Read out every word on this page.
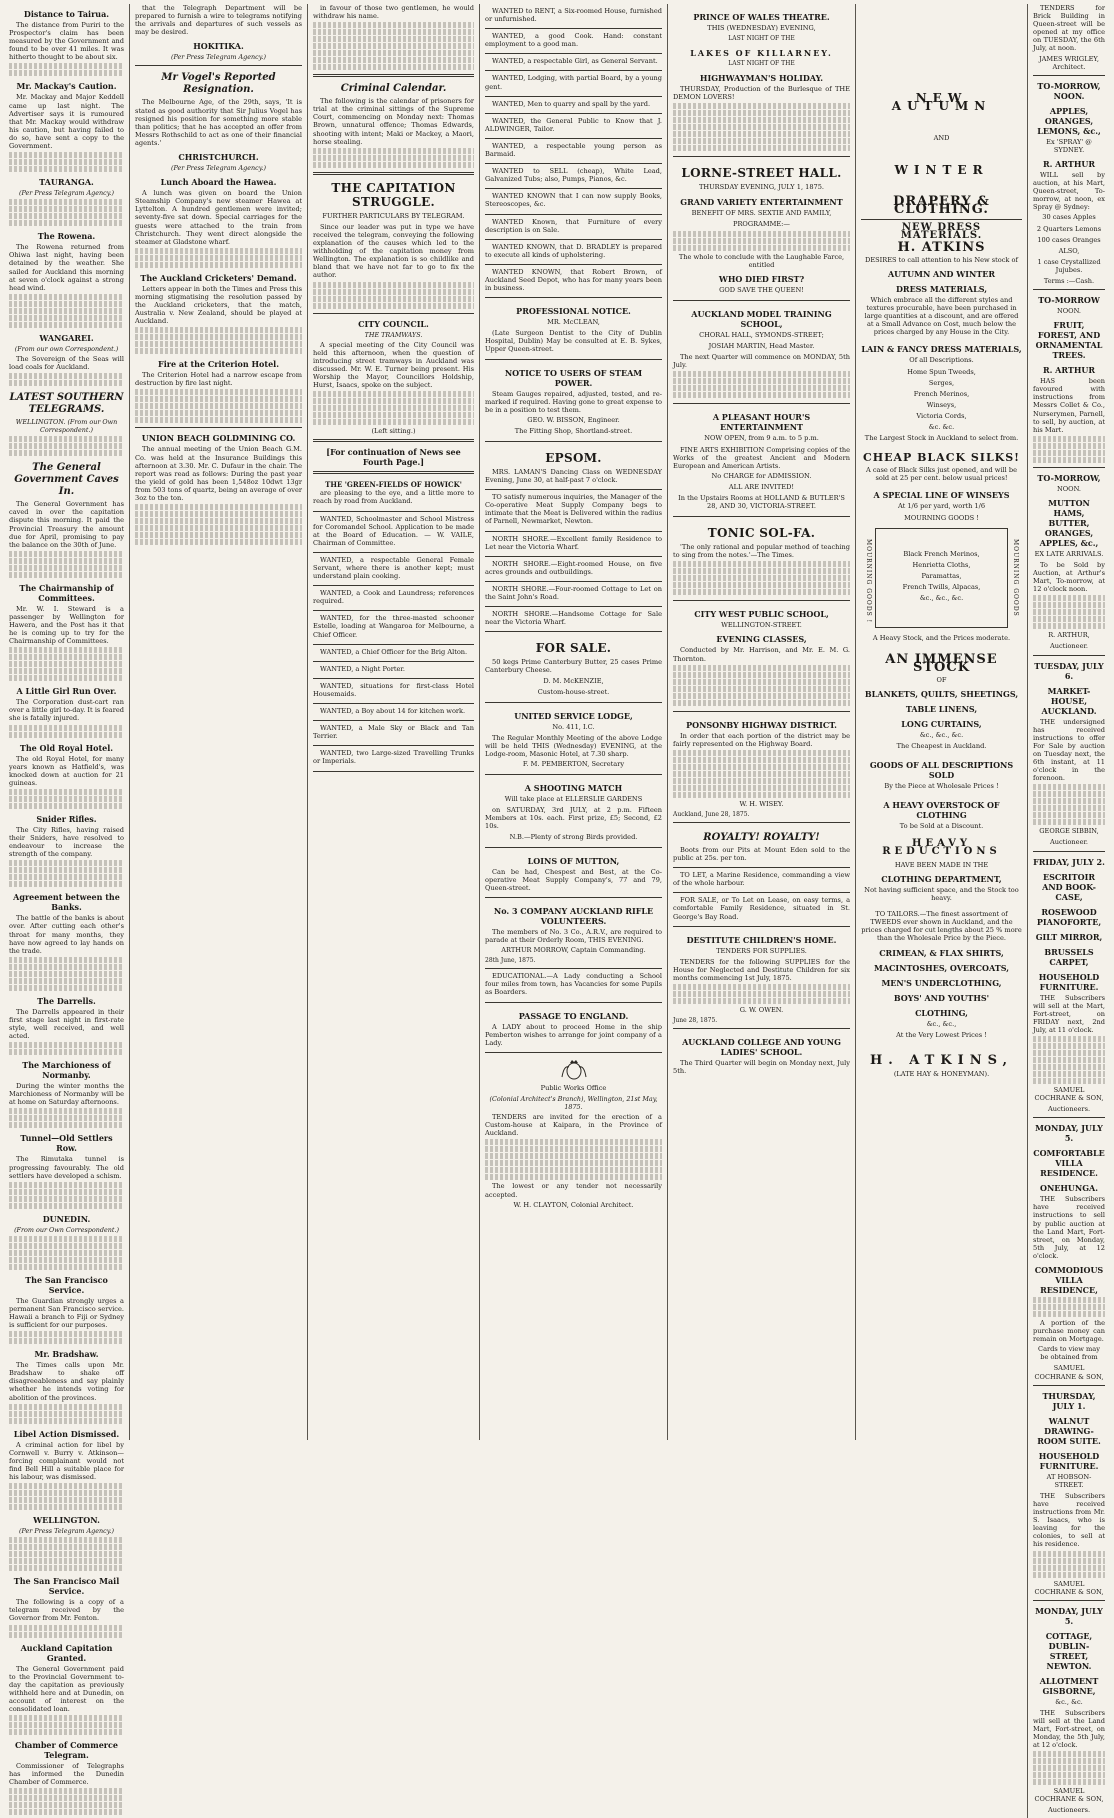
Distance to Tairua.

The distance from Puriri to the Prospector's claim has been measured by the Government and found to be over 41 miles. It was hitherto thought to be about six.

Mr. Mackay's Caution.

Mr. Mackay and Major Keddell came up last night. The Advertiser says it is rumoured that Mr. Mackay would withdraw his caution, but having failed to do so, have sent a copy to the Government.

TAURANGA.
(Per Press Telegram Agency.)
The Rowena.

The Rowena returned from Ohiwa last night, having been detained by the weather. She sailed for Auckland this morning at seven o'clock against a strong head wind.

WANGAREI.
(From our own Correspondent.)

The Sovereign of the Seas will load coals for Auckland.

LATEST SOUTHERN TELEGRAMS.
WELLINGTON. (From our Own Correspondent.)
The General Government Caves In.

The General Government has caved in over the capitation dispute this morning. It paid the Provincial Treasury the amount due for April, promising to pay the balance on the 30th of June.

The Chairmanship of Committees.

Mr. W. I. Steward is a passenger by Wellington for Hawera, and the Post has it that he is coming up to try for the Chairmanship of Committees.

A Little Girl Run Over.

The Corporation dust-cart ran over a little girl to-day. It is feared she is fatally injured.

The Old Royal Hotel.

The old Royal Hotel, for many years known as Hatfield's, was knocked down at auction for 21 guineas.

Snider Rifles.

The City Rifles, having raised their Sniders, have resolved to endeavour to increase the strength of the company.

Agreement between the Banks.

The battle of the banks is about over. After cutting each other's throat for many months, they have now agreed to lay hands on the trade.

The Darrells.

The Darrells appeared in their first stage last night in first-rate style, well received, and well acted.

The Marchioness of Normanby.

During the winter months the Marchioness of Normanby will be at home on Saturday afternoons.

Tunnel—Old Settlers Row.

The Rimutaka tunnel is progressing favourably. The old settlers have developed a schism.

DUNEDIN.
(From our Own Correspondent.)
The San Francisco Service.

The Guardian strongly urges a permanent San Francisco service. Hawaii a branch to Fiji or Sydney is sufficient for our purposes.

Mr. Bradshaw.

The Times calls upon Mr. Bradshaw to shake off disagreeableness and say plainly whether he intends voting for abolition of the provinces.

Libel Action Dismissed.

A criminal action for libel by Cornwell v. Burry v. Atkinson—forcing complainant would not find Bell Hill a suitable place for his labour, was dismissed.

WELLINGTON.
(Per Press Telegram Agency.)
The San Francisco Mail Service.

The following is a copy of a telegram received by the Governor from Mr. Fenton.

Auckland Capitation Granted.

The General Government paid to the Provincial Government to-day the capitation as previously withheld here and at Dunedin, on account of interest on the consolidated loan.

Chamber of Commerce Telegram.

Commissioner of Telegraphs has informed the Dunedin Chamber of Commerce.

that the Telegraph Department will be prepared to furnish a wire to telegrams notifying the arrivals and departures of such vessels as may be desired.

HOKITIKA.
(Per Press Telegram Agency.)
Mr Vogel's Reported Resignation.

The Melbourne Age, of the 29th, says, 'It is stated as good authority that Sir Julius Vogel has resigned his position for something more stable than politics; that he has accepted an offer from Messrs Rothschild to act as one of their financial agents.'

CHRISTCHURCH.
(Per Press Telegram Agency.)
Lunch Aboard the Hawea.

A lunch was given on board the Union Steamship Company's new steamer Hawea at Lyttelton. A hundred gentlemen were invited; seventy-five sat down. Special carriages for the guests were attached to the train from Christchurch. They went direct alongside the steamer at Gladstone wharf.

The Auckland Cricketers' Demand.

Letters appear in both the Times and Press this morning stigmatising the resolution passed by the Auckland cricketers, that the match, Australia v. New Zealand, should be played at Auckland.

Fire at the Criterion Hotel.

The Criterion Hotel had a narrow escape from destruction by fire last night.

UNION BEACH GOLDMINING CO.

The annual meeting of the Union Beach G.M. Co. was held at the Insurance Buildings this afternoon at 3.30. Mr. C. Dufaur in the chair. The report was read as follows: During the past year the yield of gold has been 1,548oz 10dwt 13gr from 503 tons of quartz, being an average of over 3oz to the ton.

in favour of those two gentlemen, he would withdraw his name.

Criminal Calendar.

The following is the calendar of prisoners for trial at the criminal sittings of the Supreme Court, commencing on Monday next: Thomas Brown, unnatural offence; Thomas Edwards, shooting with intent; Maki or Mackey, a Maori, horse stealing.

THE CAPITATION STRUGGLE.
FURTHER PARTICULARS BY TELEGRAM.

Since our leader was put in type we have received the telegram, conveying the following explanation of the causes which led to the withholding of the capitation money from Wellington. The explanation is so childlike and bland that we have not far to go to fix the author.

CITY COUNCIL.
THE TRAMWAYS.

A special meeting of the City Council was held this afternoon, when the question of introducing street tramways in Auckland was discussed. Mr. W. E. Turner being present. His Worship the Mayor, Councillors Holdship, Hurst, Isaacs, spoke on the subject.

(Left sitting.)
[For continuation of News see Fourth Page.]
THE 'GREEN-FIELDS OF HOWICK'

are pleasing to the eye, and a little more to reach by road from Auckland.

WANTED, Schoolmaster and School Mistress for Coromandel School. Application to be made at the Board of Education. — W. VAILE, Chairman of Committee.

WANTED, a respectable General Female Servant, where there is another kept; must understand plain cooking.

WANTED, a Cook and Laundress; references required.

WANTED, for the three-masted schooner Estelle, loading at Wangaroa for Melbourne, a Chief Officer.

WANTED, a Chief Officer for the Brig Alton.

WANTED, a Night Porter.

WANTED, situations for first-class Hotel Housemaids.

WANTED, a Boy about 14 for kitchen work.

WANTED, a Male Sky or Black and Tan Terrier.

WANTED, two Large-sized Travelling Trunks or Imperials.

WANTED to RENT, a Six-roomed House, furnished or unfurnished.

WANTED, a good Cook. Hand: constant employment to a good man.

WANTED, a respectable Girl, as General Servant.

WANTED, Lodging, with partial Board, by a young gent.

WANTED, Men to quarry and spall by the yard.

WANTED, the General Public to Know that J. ALDWINGER, Tailor.

WANTED, a respectable young person as Barmaid.

WANTED to SELL (cheap), White Lead, Galvanized Tubs; also, Pumps, Pianos, &c.

WANTED KNOWN that I can now supply Books, Stereoscopes, &c.

WANTED Known, that Furniture of every description is on Sale.

WANTED KNOWN, that D. BRADLEY is prepared to execute all kinds of upholstering.

WANTED KNOWN, that Robert Brown, of Auckland Seed Depot, who has for many years been in business.

PROFESSIONAL NOTICE.
MR. McCLEAN,

(Late Surgeon Dentist to the City of Dublin Hospital, Dublin) May be consulted at E. B. Sykes, Upper Queen-street.

NOTICE TO USERS OF STEAM POWER.

Steam Gauges repaired, adjusted, tested, and re-marked if required. Having gone to great expense to be in a position to test them.

GEO. W. BISSON, Engineer.
The Fitting Shop, Shortland-street.
EPSOM.

MRS. LAMAN'S Dancing Class on WEDNESDAY Evening, June 30, at half-past 7 o'clock.

TO satisfy numerous inquiries, the Manager of the Co-operative Meat Supply Company begs to intimate that the Meat is Delivered within the radius of Parnell, Newmarket, Newton.

NORTH SHORE.—Excellent family Residence to Let near the Victoria Wharf.

NORTH SHORE.—Eight-roomed House, on five acres grounds and outbuildings.

NORTH SHORE.—Four-roomed Cottage to Let on the Saint John's Road.

NORTH SHORE.—Handsome Cottage for Sale near the Victoria Wharf.

FOR SALE.

50 kegs Prime Canterbury Butter, 25 cases Prime Canterbury Cheese.

D. M. McKENZIE,
Custom-house-street.
UNITED SERVICE LODGE,
No. 411, I.C.

The Regular Monthly Meeting of the above Lodge will be held THIS (Wednesday) EVENING, at the Lodge-room, Masonic Hotel, at 7.30 sharp.

F. M. PEMBERTON, Secretary
A SHOOTING MATCH
Will take place at ELLERSLIE GARDENS

on SATURDAY, 3rd JULY, at 2 p.m. Fifteen Members at 10s. each. First prize, £5; Second, £2 10s.

N.B.—Plenty of strong Birds provided.
LOINS OF MUTTON,

Can be had, Chespest and Best, at the Co-operative Meat Supply Company's, 77 and 79, Queen-street.

No. 3 COMPANY AUCKLAND RIFLE VOLUNTEERS.

The members of No. 3 Co., A.R.V., are required to parade at their Orderly Room, THIS EVENING.

ARTHUR MORROW, Captain Commanding.
28th June, 1875.

EDUCATIONAL.—A Lady conducting a School four miles from town, has Vacancies for some Pupils as Boarders.

PASSAGE TO ENGLAND.

A LADY about to proceed Home in the ship Pemberton wishes to arrange for joint company of a Lady.

Public Works Office
(Colonial Architect's Branch), Wellington, 21st May, 1875.

TENDERS are invited for the erection of a Custom-house at Kaipara, in the Province of Auckland.

The lowest or any tender not necessarily accepted.

W. H. CLAYTON, Colonial Architect.
PRINCE OF WALES THEATRE.
THIS (WEDNESDAY) EVENING,
LAST NIGHT OF THE
LAKES OF KILLARNEY.
LAST NIGHT OF THE
HIGHWAYMAN'S HOLIDAY.

THURSDAY, Production of the Burlesque of THE DEMON LOVERS!

LORNE-STREET HALL.
THURSDAY EVENING, JULY 1, 1875.
GRAND VARIETY ENTERTAINMENT
BENEFIT OF MRS. SEXTIE AND FAMILY,
PROGRAMME:—
The whole to conclude with the Laughable Farce, entitled
WHO DIED FIRST?
GOD SAVE THE QUEEN!
AUCKLAND MODEL TRAINING SCHOOL,
CHORAL HALL, SYMONDS-STREET;
JOSIAH MARTIN, Head Master.

The next Quarter will commence on MONDAY, 5th July.

A PLEASANT HOUR'S ENTERTAINMENT
NOW OPEN, from 9 a.m. to 5 p.m.

FINE ARTS EXHIBITION Comprising copies of the Works of the greatest Ancient and Modern European and American Artists.

No CHARGE for ADMISSION.
ALL ARE INVITED!
In the Upstairs Rooms at HOLLAND & BUTLER'S 28, AND 30, VICTORIA-STREET.
TONIC SOL-FA.

'The only rational and popular method of teaching to sing from the notes.'—The Times.

CITY WEST PUBLIC SCHOOL,
WELLINGTON-STREET.
EVENING CLASSES,

Conducted by Mr. Harrison, and Mr. E. M. G. Thornton.

PONSONBY HIGHWAY DISTRICT.

In order that each portion of the district may be fairly represented on the Highway Board.

W. H. WISEY.
Auckland, June 28, 1875.
ROYALTY! ROYALTY!

Boots from our Pits at Mount Eden sold to the public at 25s. per ton.

TO LET, a Marine Residence, commanding a view of the whole harbour.

FOR SALE, or To Let on Lease, on easy terms, a comfortable Family Residence, situated in St. George's Bay Road.

DESTITUTE CHILDREN'S HOME.
TENDERS FOR SUPPLIES.

TENDERS for the following SUPPLIES for the House for Neglected and Destitute Children for six months commencing 1st July, 1875.

G. W. OWEN.
June 28, 1875.
AUCKLAND COLLEGE AND YOUNG LADIES' SCHOOL.

The Third Quarter will begin on Monday next, July 5th.

NEW AUTUMN
AND
WINTER
DRAPERY & CLOTHING.
NEW DRESS MATERIALS.
H. ATKINS
DESIRES to call attention to his New stock of
AUTUMN AND WINTER
DRESS MATERIALS,

Which embrace all the different styles and textures procurable, have been purchased in large quantities at a discount, and are offered at a Small Advance on Cost, much below the prices charged by any House in the City.

LAIN & FANCY DRESS MATERIALS,
Of all Descriptions.
Home Spun Tweeds,
Serges,
French Merinos,
Winseys,
Victoria Cords,
&c. &c.
The Largest Stock in Auckland to select from.
CHEAP BLACK SILKS!

A case of Black Silks just opened, and will be sold at 25 per cent. below usual prices!

A SPECIAL LINE OF WINSEYS
At 1/6 per yard, worth 1/6
MOURNING GOODS !
MOURNING GOODS !	MOURNING GOODS
Black French Merinos,
Henrietta Cloths,
Paramattas,
French Twills, Alpacas,
&c., &c., &c.
A Heavy Stock, and the Prices moderate.
AN IMMENSE STOCK
OF
BLANKETS, QUILTS, SHEETINGS,
TABLE LINENS,
LONG CURTAINS,
&c., &c., &c.
The Cheapest in Auckland.
GOODS OF ALL DESCRIPTIONS SOLD
By the Piece at Wholesale Prices !
A HEAVY OVERSTOCK OF CLOTHING
To be Sold at a Discount.
HEAVY REDUCTIONS
HAVE BEEN MADE IN THE
CLOTHING DEPARTMENT,
Not having sufficient space, and the Stock too heavy.

TO TAILORS.—The finest assortment of TWEEDS ever shown in Auckland, and the prices charged for cut lengths about 25 % more than the Wholesale Price by the Piece.

CRIMEAN, & FLAX SHIRTS,
MACINTOSHES, OVERCOATS,
MEN'S UNDERCLOTHING,
BOYS' AND YOUTHS'
CLOTHING,
&c., &c.,
At the Very Lowest Prices !
H. ATKINS,
(LATE HAY & HONEYMAN).

TENDERS for Brick Building in Queen-street will be opened at my office on TUESDAY, the 6th July, at noon.

JAMES WRIGLEY, Architect.
TO-MORROW, NOON.
APPLES, ORANGES, LEMONS, &c.,
Ex 'SPRAY' @ SYDNEY.
R. ARTHUR

WILL sell by auction, at his Mart, Queen-street, To-morrow, at noon, ex Spray @ Sydney:

30 cases Apples
2 Quarters Lemons
100 cases Oranges
ALSO,
1 case Crystallized Jujubes.
Terms :—Cash.
TO-MORROW
NOON.
FRUIT, FOREST, AND ORNAMENTAL TREES.
R. ARTHUR

HAS been favoured with instructions from Messrs Collet & Co., Nurserymen, Parnell, to sell, by auction, at his Mart.

TO-MORROW,
NOON.
MUTTON HAMS, BUTTER, ORANGES, APPLES, &c.,
EX LATE ARRIVALS.

To be Sold by Auction, at Arthur's Mart, To-morrow, at 12 o'clock noon.

R. ARTHUR,
Auctioneer.
TUESDAY, JULY 6.
MARKET-HOUSE, AUCKLAND.

THE undersigned has received instructions to offer For Sale by auction on Tuesday next, the 6th instant, at 11 o'clock in the forenoon.

GEORGE SIBBIN,
Auctioneer.
FRIDAY, JULY 2.
ESCRITOIR AND BOOK-CASE,
ROSEWOOD PIANOFORTE,
GILT MIRROR,
BRUSSELS CARPET,
HOUSEHOLD FURNITURE.

THE Subscribers will sell at the Mart, Fort-street, on FRIDAY next, 2nd July, at 11 o'clock.

SAMUEL COCHRANE & SON,
Auctioneers.
MONDAY, JULY 5.
COMFORTABLE VILLA RESIDENCE.
ONEHUNGA.

THE Subscribers have received instructions to sell by public auction at the Land Mart, Fort-street, on Monday, 5th July, at 12 o'clock.

COMMODIOUS VILLA RESIDENCE,

A portion of the purchase money can remain on Mortgage.

Cards to view may be obtained from
SAMUEL COCHRANE & SON,
THURSDAY, JULY 1.
WALNUT DRAWING-ROOM SUITE.
HOUSEHOLD FURNITURE.
AT HOBSON-STREET.

THE Subscribers have received instructions from Mr. S. Isaacs, who is leaving for the colonies, to sell at his residence.

SAMUEL COCHRANE & SON,
MONDAY, JULY 5.
COTTAGE, DUBLIN-STREET, NEWTON.
ALLOTMENT GISBORNE,
&c., &c.

THE Subscribers will sell at the Land Mart, Fort-street, on Monday, the 5th July, at 12 o'clock.

SAMUEL COCHRANE & SON,
Auctioneers.
